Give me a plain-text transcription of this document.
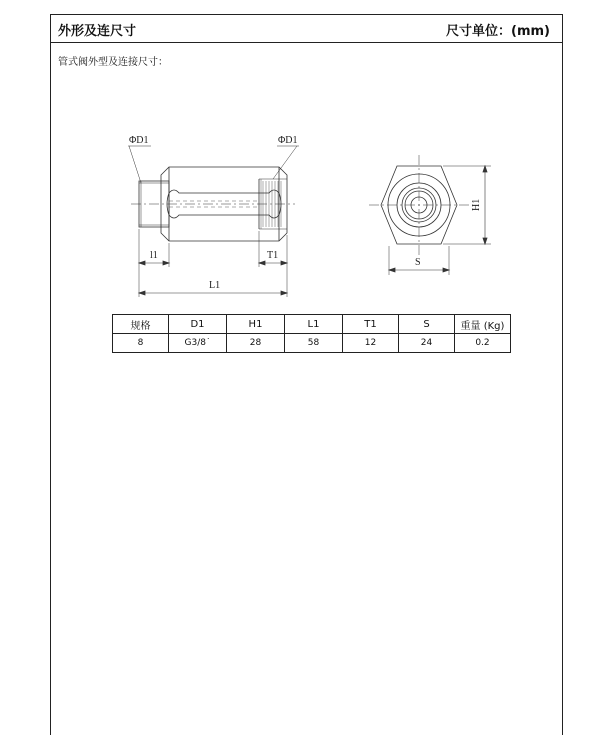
外形及连尺寸	尺寸单位：(mm)
管式阀外型及连接尺寸：
ΦD1	ΦD1
l1	T1
L1
H1
S
规格	D1	H1	L1	T1	S	重量 (Kg)
8	G3/8˙	28	58	12	24	0.2
